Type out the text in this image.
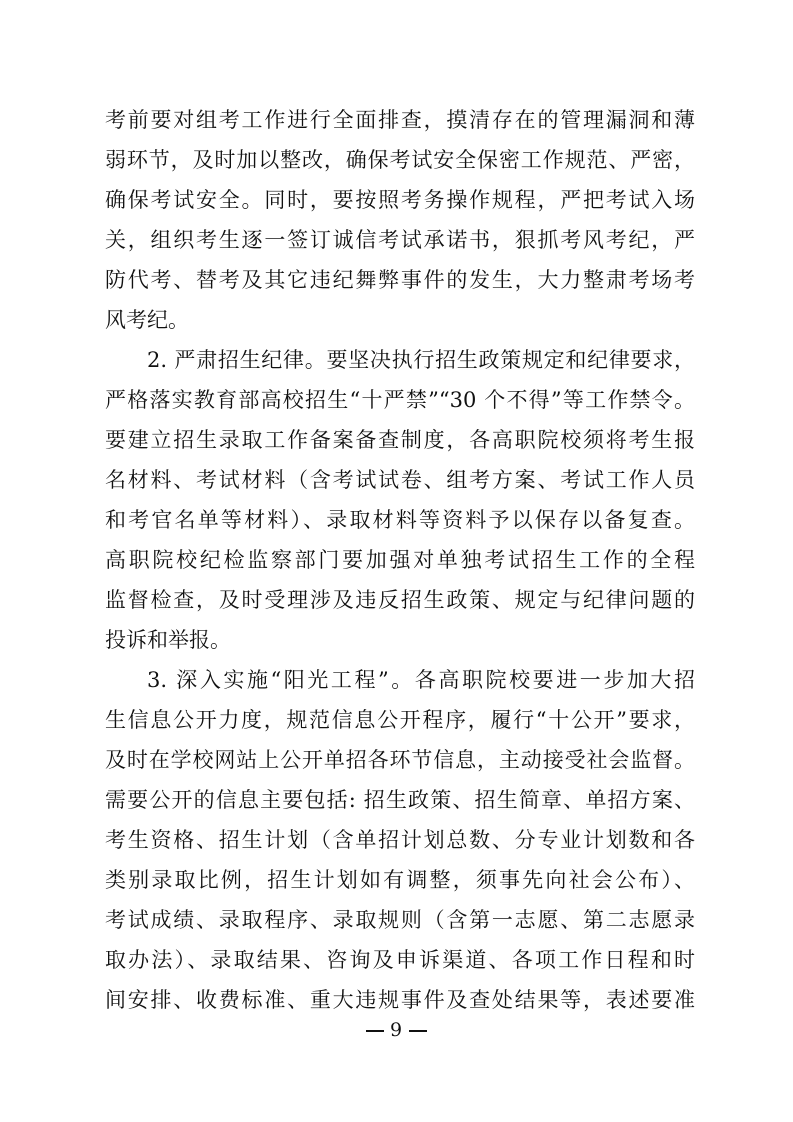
考前要对组考工作进行全面排查，摸清存在的管理漏洞和薄
弱环节，及时加以整改，确保考试安全保密工作规范、严密，
确保考试安全。同时，要按照考务操作规程，严把考试入场
关，组织考生逐一签订诚信考试承诺书，狠抓考风考纪，严
防代考、替考及其它违纪舞弊事件的发生，大力整肃考场考
风考纪。
2. 严肃招生纪律。要坚决执行招生政策规定和纪律要求，
严格落实教育部高校招生“十严禁”“30 个不得”等工作禁令。
要建立招生录取工作备案备查制度，各高职院校须将考生报
名材料、考试材料（含考试试卷、组考方案、考试工作人员
和考官名单等材料）、录取材料等资料予以保存以备复查。
高职院校纪检监察部门要加强对单独考试招生工作的全程
监督检查，及时受理涉及违反招生政策、规定与纪律问题的
投诉和举报。
3. 深入实施“阳光工程”。各高职院校要进一步加大招
生信息公开力度，规范信息公开程序，履行“十公开”要求，
及时在学校网站上公开单招各环节信息，主动接受社会监督。
需要公开的信息主要包括: 招生政策、招生简章、单招方案、
考生资格、招生计划（含单招计划总数、分专业计划数和各
类别录取比例，招生计划如有调整，须事先向社会公布）、
考试成绩、录取程序、录取规则（含第一志愿、第二志愿录
取办法）、录取结果、咨询及申诉渠道、各项工作日程和时
间安排、收费标准、重大违规事件及查处结果等，表述要准
9
